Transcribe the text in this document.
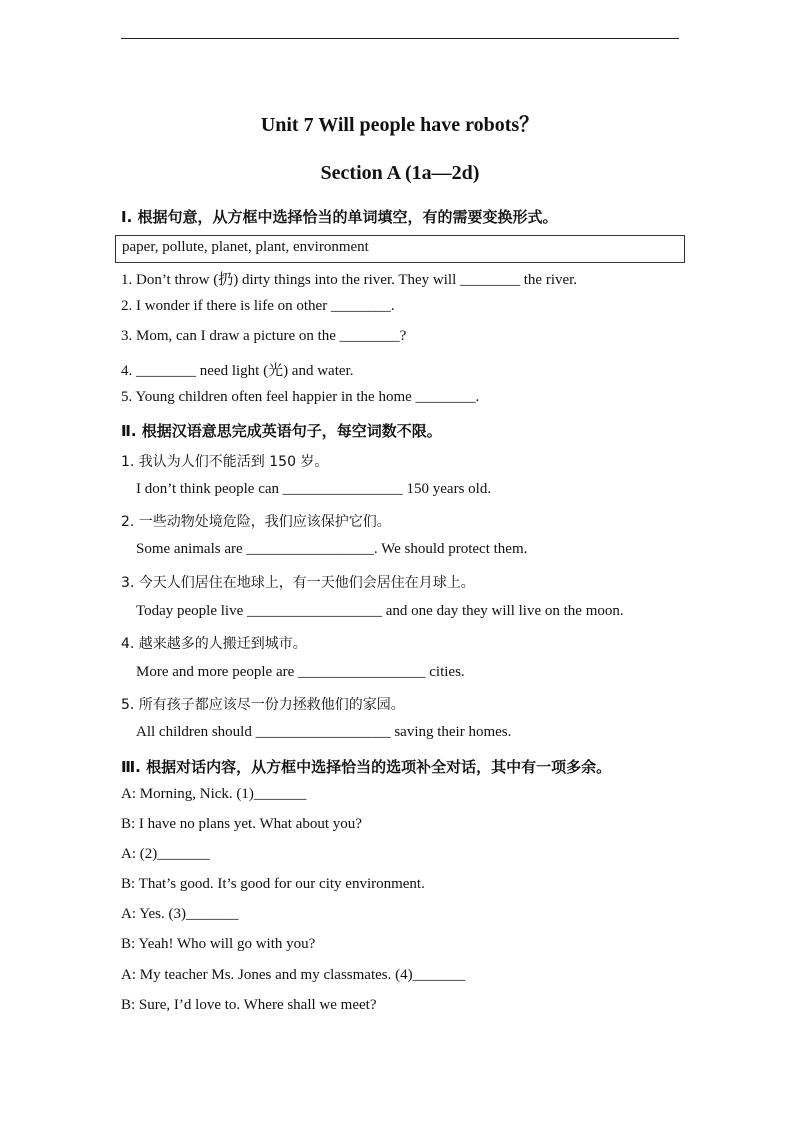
Unit 7 Will people have robots？
Section A (1a—2d)
Ⅰ. 根据句意，从方框中选择恰当的单词填空，有的需要变换形式。
paper, pollute, planet, plant, environment
1. Don’t throw (扔) dirty things into the river. They will ________ the river.
2. I wonder if there is life on other ________.
3. Mom, can I draw a picture on the ________?
4. ________ need light (光) and water.
5. Young children often feel happier in the home ________.
Ⅱ. 根据汉语意思完成英语句子，每空词数不限。
1. 我认为人们不能活到 150 岁。
I don’t think people can ________________ 150 years old.
2. 一些动物处境危险，我们应该保护它们。
Some animals are _________________. We should protect them.
3. 今天人们居住在地球上，有一天他们会居住在月球上。
Today people live __________________ and one day they will live on the moon.
4. 越来越多的人搬迁到城市。
More and more people are _________________ cities.
5. 所有孩子都应该尽一份力拯救他们的家园。
All children should __________________ saving their homes.
Ⅲ. 根据对话内容，从方框中选择恰当的选项补全对话，其中有一项多余。
A: Morning, Nick. (1)_______
B: I have no plans yet. What about you?
A: (2)_______
B: That’s good. It’s good for our city environment.
A: Yes. (3)_______
B: Yeah! Who will go with you?
A: My teacher Ms. Jones and my classmates. (4)_______
B: Sure, I’d love to. Where shall we meet?
